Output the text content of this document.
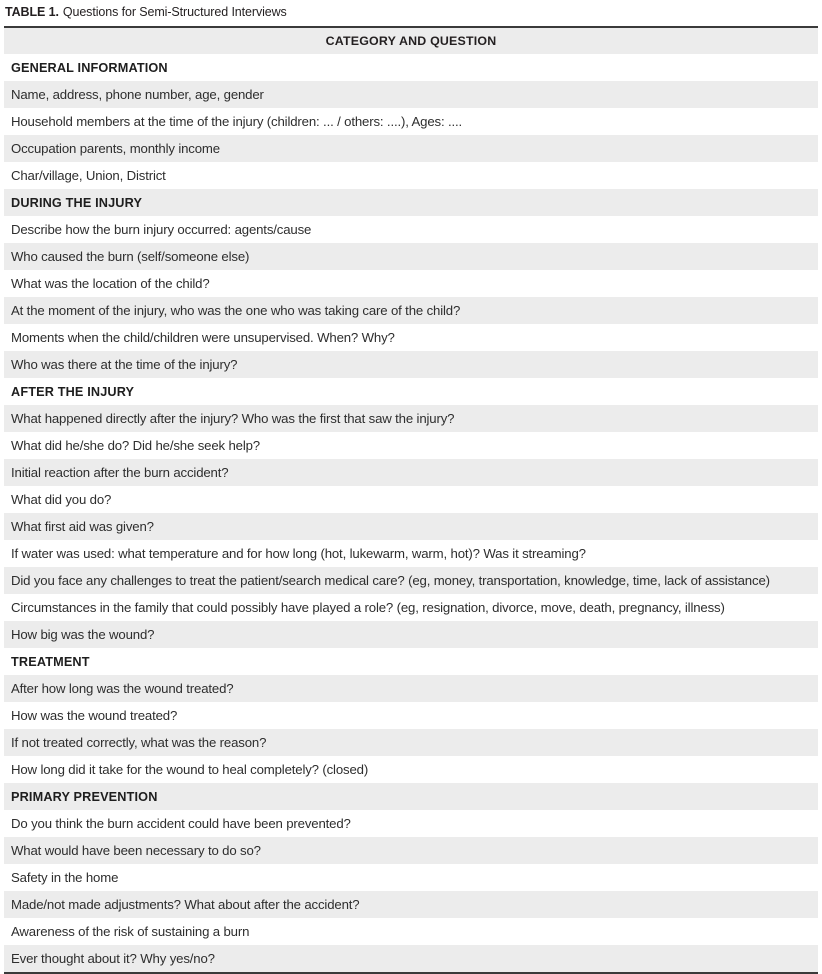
TABLE 1. Questions for Semi-Structured Interviews
CATEGORY AND QUESTION
GENERAL INFORMATION
Name, address, phone number, age, gender
Household members at the time of the injury (children: ... / others: ....), Ages: ....
Occupation parents, monthly income
Char/village, Union, District
DURING THE INJURY
Describe how the burn injury occurred: agents/cause
Who caused the burn (self/someone else)
What was the location of the child?
At the moment of the injury, who was the one who was taking care of the child?
Moments when the child/children were unsupervised. When? Why?
Who was there at the time of the injury?
AFTER THE INJURY
What happened directly after the injury? Who was the first that saw the injury?
What did he/she do? Did he/she seek help?
Initial reaction after the burn accident?
What did you do?
What first aid was given?
If water was used: what temperature and for how long (hot, lukewarm, warm, hot)? Was it streaming?
Did you face any challenges to treat the patient/search medical care? (eg, money, transportation, knowledge, time, lack of assistance)
Circumstances in the family that could possibly have played a role? (eg, resignation, divorce, move, death, pregnancy, illness)
How big was the wound?
TREATMENT
After how long was the wound treated?
How was the wound treated?
If not treated correctly, what was the reason?
How long did it take for the wound to heal completely? (closed)
PRIMARY PREVENTION
Do you think the burn accident could have been prevented?
What would have been necessary to do so?
Safety in the home
Made/not made adjustments? What about after the accident?
Awareness of the risk of sustaining a burn
Ever thought about it? Why yes/no?
